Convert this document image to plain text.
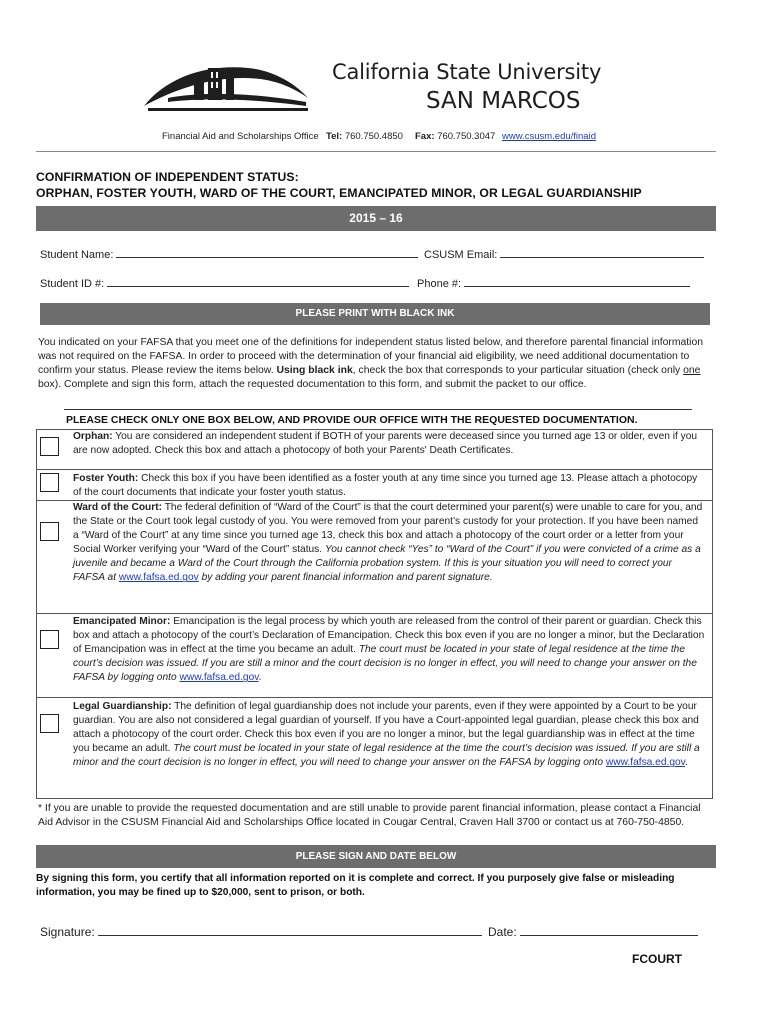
California State University
SAN MARCOS
Financial Aid and Scholarships Office Tel: 760.750.4850 Fax: 760.750.3047 www.csusm.edu/finaid
CONFIRMATION OF INDEPENDENT STATUS:
ORPHAN, FOSTER YOUTH, WARD OF THE COURT, EMANCIPATED MINOR, OR LEGAL GUARDIANSHIP
2015 – 16
Student Name:	CSUSM Email:
Student ID #:	Phone #:
PLEASE PRINT WITH BLACK INK
You indicated on your FAFSA that you meet one of the definitions for independent status listed below, and therefore parental financial information was not required on the FAFSA. In order to proceed with the determination of your financial aid eligibility, we need additional documentation to confirm your status. Please review the items below. Using black ink, check the box that corresponds to your particular situation (check only one box). Complete and sign this form, attach the requested documentation to this form, and submit the packet to our office.
PLEASE CHECK ONLY ONE BOX BELOW, AND PROVIDE OUR OFFICE WITH THE REQUESTED DOCUMENTATION.
Orphan: You are considered an independent student if BOTH of your parents were deceased since you turned age 13 or older, even if you are now adopted. Check this box and attach a photocopy of both your Parents' Death Certificates.
Foster Youth: Check this box if you have been identified as a foster youth at any time since you turned age 13. Please attach a photocopy of the court documents that indicate your foster youth status.
Ward of the Court: The federal definition of “Ward of the Court” is that the court determined your parent(s) were unable to care for you, and the State or the Court took legal custody of you. You were removed from your parent’s custody for your protection. If you have been named a “Ward of the Court” at any time since you turned age 13, check this box and attach a photocopy of the court order or a letter from your Social Worker verifying your “Ward of the Court” status. You cannot check “Yes” to “Ward of the Court” if you were convicted of a crime as a juvenile and became a Ward of the Court through the California probation system. If this is your situation you will need to correct your FAFSA at www.fafsa.ed.gov by adding your parent financial information and parent signature.
Emancipated Minor: Emancipation is the legal process by which youth are released from the control of their parent or guardian. Check this box and attach a photocopy of the court’s Declaration of Emancipation. Check this box even if you are no longer a minor, but the Declaration of Emancipation was in effect at the time you became an adult. The court must be located in your state of legal residence at the time the court’s decision was issued. If you are still a minor and the court decision is no longer in effect, you will need to change your answer on the FAFSA by logging onto www.fafsa.ed.gov.
Legal Guardianship: The definition of legal guardianship does not include your parents, even if they were appointed by a Court to be your guardian. You are also not considered a legal guardian of yourself. If you have a Court-appointed legal guardian, please check this box and attach a photocopy of the court order. Check this box even if you are no longer a minor, but the legal guardianship was in effect at the time you became an adult. The court must be located in your state of legal residence at the time the court’s decision was issued. If you are still a minor and the court decision is no longer in effect, you will need to change your answer on the FAFSA by logging onto www.fafsa.ed.gov.
* If you are unable to provide the requested documentation and are still unable to provide parent financial information, please contact a Financial Aid Advisor in the CSUSM Financial Aid and Scholarships Office located in Cougar Central, Craven Hall 3700 or contact us at 760-750-4850.
PLEASE SIGN AND DATE BELOW
By signing this form, you certify that all information reported on it is complete and correct. If you purposely give false or misleading information, you may be fined up to $20,000, sent to prison, or both.
Signature:	Date:
FCOURT
